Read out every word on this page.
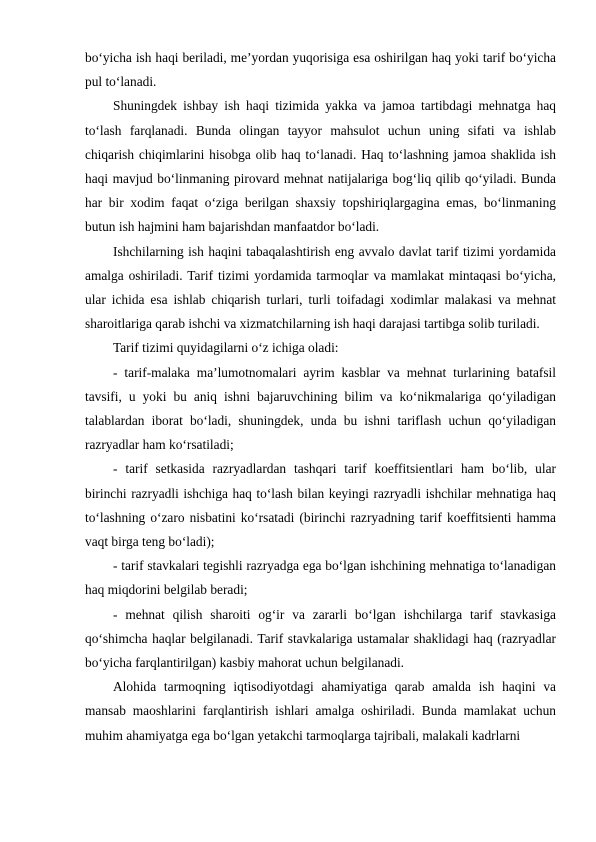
bo‘yicha ish haqi beriladi, me’yordan yuqorisiga esa oshirilgan haq yoki tarif bo‘yicha pul to‘lanadi.

Shuningdek ishbay ish haqi tizimida yakka va jamoa tartibdagi mehnatga haq to‘lash farqlanadi. Bunda olingan tayyor mahsulot uchun uning sifati va ishlab chiqarish chiqimlarini hisobga olib haq to‘lanadi. Haq to‘lashning jamoa shaklida ish haqi mavjud bo‘linmaning pirovard mehnat natijalariga bog‘liq qilib qo‘yiladi. Bunda har bir xodim faqat o‘ziga berilgan shaxsiy topshiriqlargagina emas, bo‘linmaning butun ish hajmini ham bajarishdan manfaatdor bo‘ladi.

Ishchilarning ish haqini tabaqalashtirish eng avvalo davlat tarif tizimi yordamida amalga oshiriladi. Tarif tizimi yordamida tarmoqlar va mamlakat mintaqasi bo‘yicha, ular ichida esa ishlab chiqarish turlari, turli toifadagi xodimlar malakasi va mehnat sharoitlariga qarab ishchi va xizmatchilarning ish haqi darajasi tartibga solib turiladi.

Tarif tizimi quyidagilarni o‘z ichiga oladi:

- tarif-malaka ma’lumotnomalari ayrim kasblar va mehnat turlarining batafsil tavsifi, u yoki bu aniq ishni bajaruvchining bilim va ko‘nikmalariga qo‘yiladigan talablardan iborat bo‘ladi, shuningdek, unda bu ishni tariflash uchun qo‘yiladigan razryadlar ham ko‘rsatiladi;

- tarif setkasida razryadlardan tashqari tarif koeffitsientlari ham bo‘lib, ular birinchi razryadli ishchiga haq to‘lash bilan keyingi razryadli ishchilar mehnatiga haq to‘lashning o‘zaro nisbatini ko‘rsatadi (birinchi razryadning tarif koeffitsienti hamma vaqt birga teng bo‘ladi);

- tarif stavkalari tegishli razryadga ega bo‘lgan ishchining mehnatiga to‘lanadigan haq miqdorini belgilab beradi;

- mehnat qilish sharoiti og‘ir va zararli bo‘lgan ishchilarga tarif stavkasiga qo‘shimcha haqlar belgilanadi. Tarif stavkalariga ustamalar shaklidagi haq (razryadlar bo‘yicha farqlantirilgan) kasbiy mahorat uchun belgilanadi.

Alohida tarmoqning iqtisodiyotdagi ahamiyatiga qarab amalda ish haqini va mansab maoshlarini farqlantirish ishlari amalga oshiriladi. Bunda mamlakat uchun muhim ahamiyatga ega bo‘lgan yetakchi tarmoqlarga tajribali, malakali kadrlarni
